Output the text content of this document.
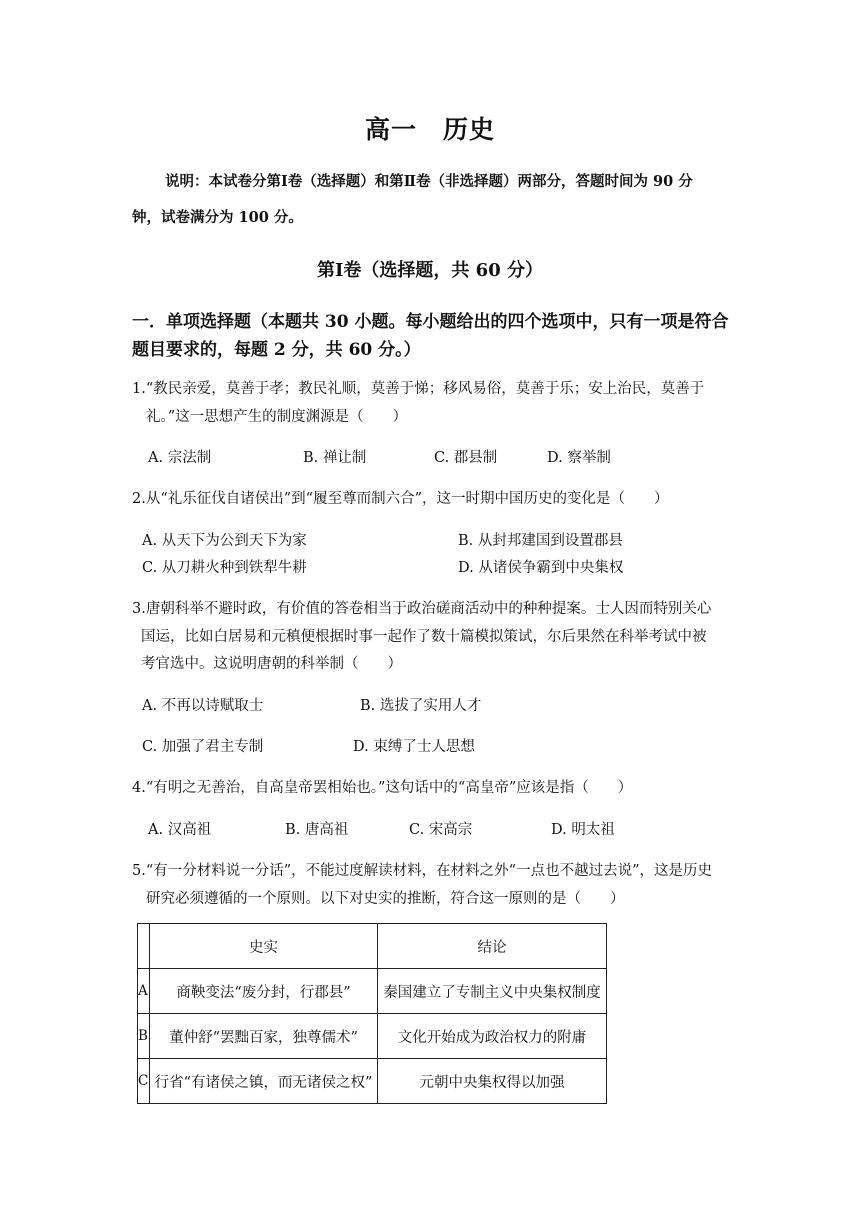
高一　历史
说明：本试卷分第Ⅰ卷（选择题）和第Ⅱ卷（非选择题）两部分，答题时间为 90 分
钟，试卷满分为 100 分。
第Ⅰ卷（选择题，共 60 分）
一．单项选择题（本题共 30 小题。每小题给出的四个选项中，只有一项是符合
题目要求的，每题 2 分，共 60 分。）
1.“教民亲爱，莫善于孝；教民礼顺，莫善于悌；移风易俗，莫善于乐；安上治民，莫善于
礼。”这一思想产生的制度渊源是（　　）
A. 宗法制	B. 禅让制	C. 郡县制	D. 察举制
2.从“礼乐征伐自诸侯出”到“履至尊而制六合”，这一时期中国历史的变化是（　　）
A. 从天下为公到天下为家	B. 从封邦建国到设置郡县
C. 从刀耕火种到铁犁牛耕	D. 从诸侯争霸到中央集权
3.唐朝科举不避时政，有价值的答卷相当于政治磋商活动中的种种提案。士人因而特别关心
国运，比如白居易和元稹便根据时事一起作了数十篇模拟策试，尔后果然在科举考试中被
考官选中。这说明唐朝的科举制（　　）
A. 不再以诗赋取士	B. 选拔了实用人才
C. 加强了君主专制	D. 束缚了士人思想
4.“有明之无善治，自高皇帝罢相始也。”这句话中的“高皇帝”应该是指（　　）
A. 汉高祖	B. 唐高祖	C. 宋高宗	D. 明太祖
5.“有一分材料说一分话”，不能过度解读材料，在材料之外“一点也不越过去说”，这是历史
研究必须遵循的一个原则。以下对史实的推断，符合这一原则的是（　　）
	史实	结论
A	商鞅变法“废分封，行郡县”	秦国建立了专制主义中央集权制度
B	董仲舒“罢黜百家，独尊儒术”	文化开始成为政治权力的附庸
C	行省“有诸侯之镇，而无诸侯之权”	元朝中央集权得以加强
